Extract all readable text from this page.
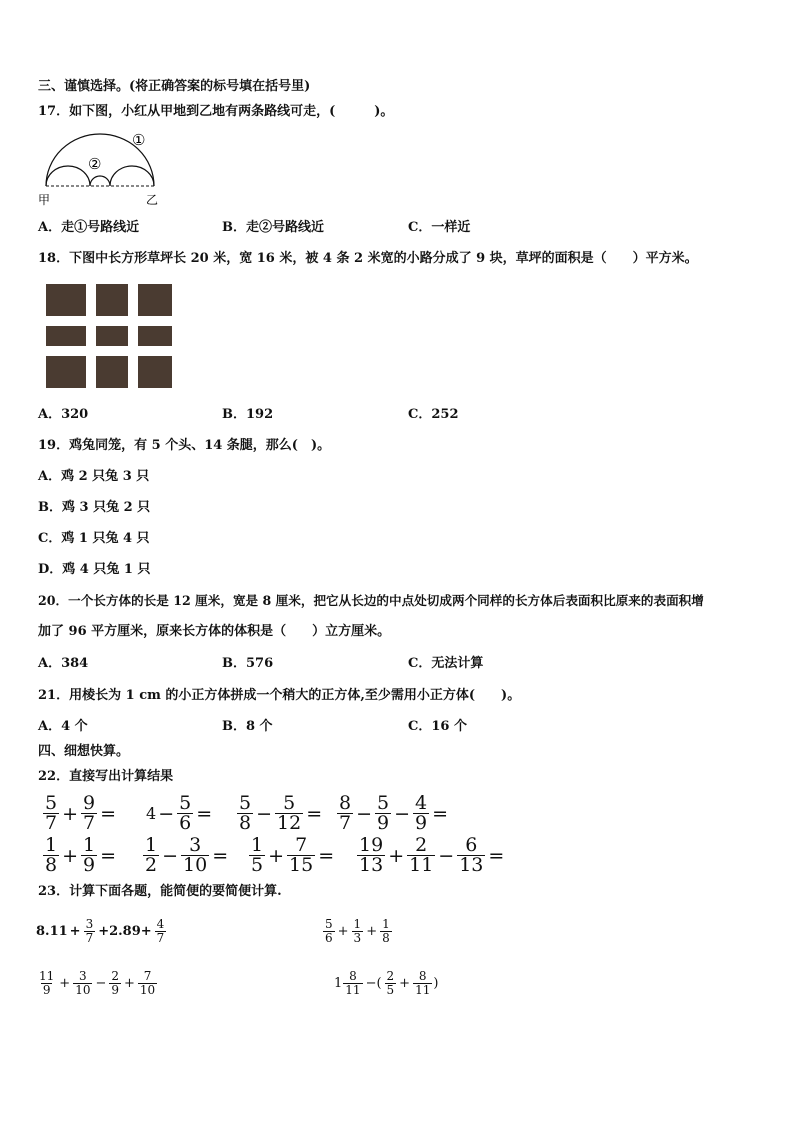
三、谨慎选择。(将正确答案的标号填在括号里)
17．如下图，小红从甲地到乙地有两条路线可走，(　　　)。
①
②
甲	乙
A．走①号路线近	B．走②号路线近	C．一样近
18．下图中长方形草坪长 20 米，宽 16 米，被 4 条 2 米宽的小路分成了 9 块，草坪的面积是（　　）平方米。
A．320	B．192	C．252
19．鸡兔同笼，有 5 个头、14 条腿，那么(　)。
A．鸡 2 只兔 3 只
B．鸡 3 只兔 2 只
C．鸡 1 只兔 4 只
D．鸡 4 只兔 1 只
20．一个长方体的长是 12 厘米，宽是 8 厘米，把它从长边的中点处切成两个同样的长方体后表面积比原来的表面积增
加了 96 平方厘米，原来长方体的体积是（　　）立方厘米。
A．384	B．576	C．无法计算
21．用棱长为 1 cm 的小正方体拼成一个稍大的正方体,至少需用小正方体(　　)。
A．4 个	B．8 个	C．16 个
四、细想快算。
22．直接写出计算结果
$\frac{5}{7} + \frac{9}{7} = 4 - \frac{5}{6} = \frac{5}{8} - \frac{5}{12} = \frac{8}{7} - \frac{5}{9} - \frac{4}{9}$ =
$\frac{1}{8} + \frac{1}{9} = \frac{1}{2} - \frac{3}{10} = \frac{1}{5} + \frac{7}{15} = \frac{19}{13} + \frac{2}{11} - \frac{6}{13}$ =
23．计算下面各题，能简便的要简便计算.
$8.11 + \frac{3}{7} +2.89+ \frac{4}{7}$	$\frac{5}{6} + \frac{1}{3} + \frac{1}{8}$
$\frac{11}{9} + \frac{3}{10} - \frac{2}{9} + \frac{7}{10}$	$1 \frac{8}{11}$ −( $\frac{2}{5} + \frac{8}{11}$ )
